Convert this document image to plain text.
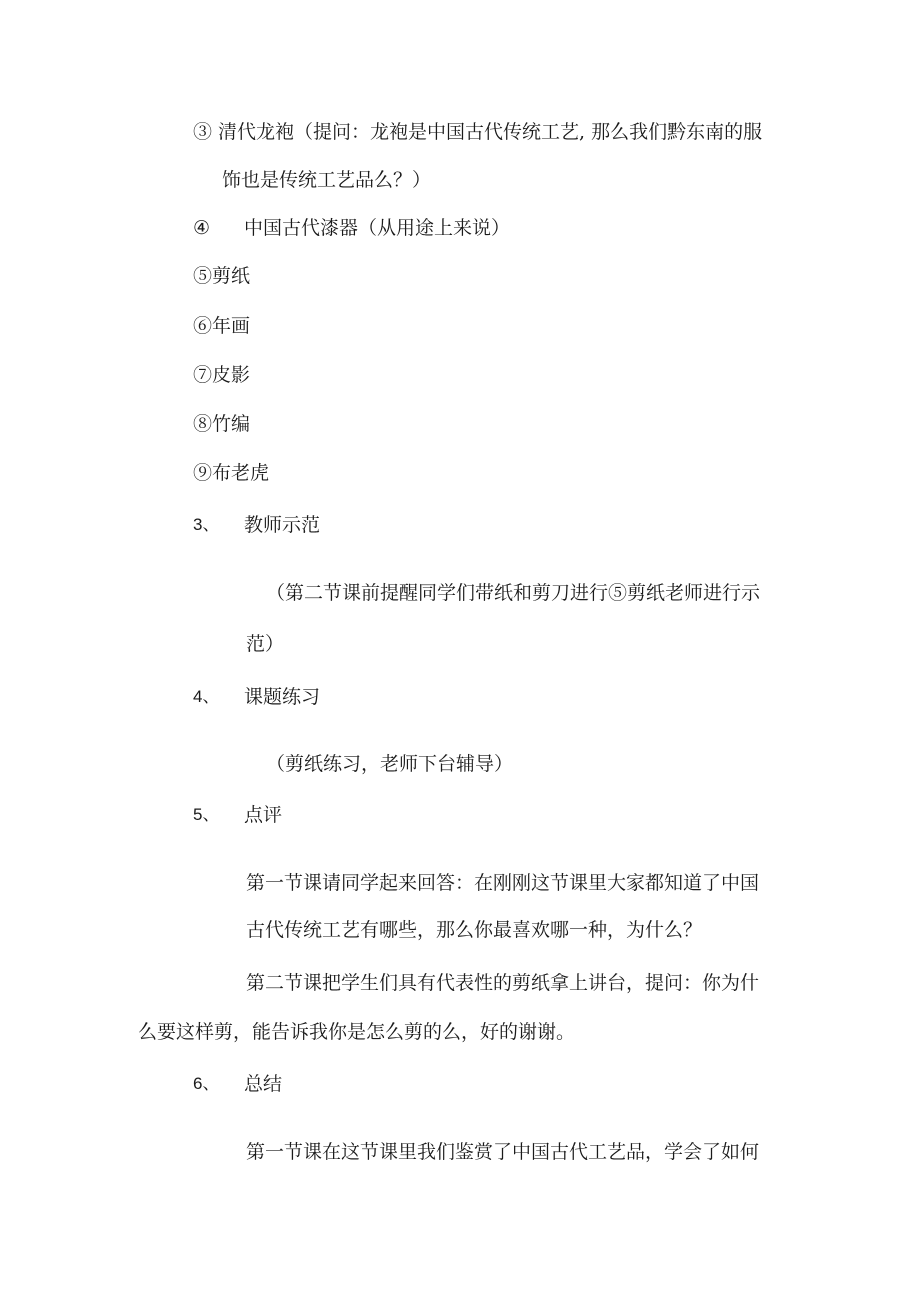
③ 清代龙袍（提问：龙袍是中国古代传统工艺, 那么我们黔东南的服

饰也是传统工艺品么？）

④ 中国古代漆器（从用途上来说）

⑤剪纸

⑥年画

⑦皮影

⑧竹编

⑨布老虎

3、 教师示范

（第二节课前提醒同学们带纸和剪刀进行⑤剪纸老师进行示

范）

4、 课题练习

（剪纸练习，老师下台辅导）

5、 点评

第一节课请同学起来回答：在刚刚这节课里大家都知道了中国

古代传统工艺有哪些，那么你最喜欢哪一种，为什么？

第二节课把学生们具有代表性的剪纸拿上讲台，提问：你为什

么要这样剪，能告诉我你是怎么剪的么，好的谢谢。

6、 总结

第一节课在这节课里我们鉴赏了中国古代工艺品，学会了如何
